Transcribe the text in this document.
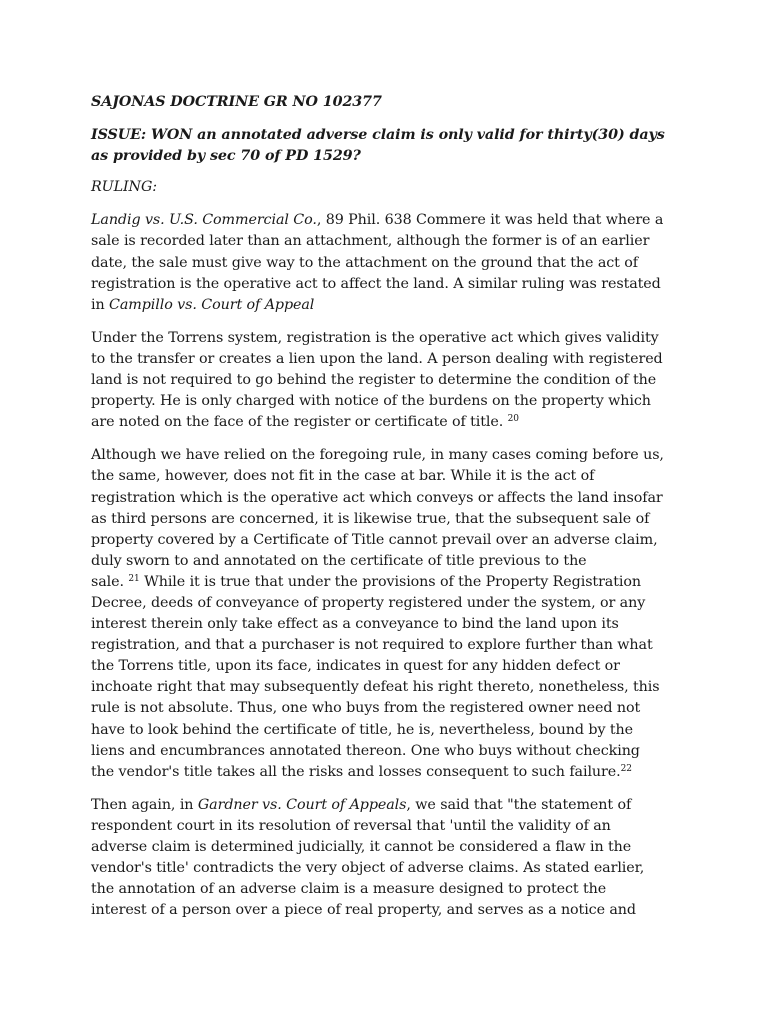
SAJONAS DOCTRINE GR NO 102377
ISSUE: WON an annotated adverse claim is only valid for thirty(30) days
as provided by sec 70 of PD 1529?
RULING:

Landig vs. U.S. Commercial Co., 89 Phil. 638 Commere it was held that where a
sale is recorded later than an attachment, although the former is of an earlier
date, the sale must give way to the attachment on the ground that the act of
registration is the operative act to affect the land. A similar ruling was restated
in Campillo vs. Court of Appeal

Under the Torrens system, registration is the operative act which gives validity
to the transfer or creates a lien upon the land. A person dealing with registered
land is not required to go behind the register to determine the condition of the
property. He is only charged with notice of the burdens on the property which
are noted on the face of the register or certificate of title. $^{20}$

Although we have relied on the foregoing rule, in many cases coming before us,
the same, however, does not fit in the case at bar. While it is the act of
registration which is the operative act which conveys or affects the land insofar
as third persons are concerned, it is likewise true, that the subsequent sale of
property covered by a Certificate of Title cannot prevail over an adverse claim,
duly sworn to and annotated on the certificate of title previous to the
sale. $^{21}$ While it is true that under the provisions of the Property Registration
Decree, deeds of conveyance of property registered under the system, or any
interest therein only take effect as a conveyance to bind the land upon its
registration, and that a purchaser is not required to explore further than what
the Torrens title, upon its face, indicates in quest for any hidden defect or
inchoate right that may subsequently defeat his right thereto, nonetheless, this
rule is not absolute. Thus, one who buys from the registered owner need not
have to look behind the certificate of title, he is, nevertheless, bound by the
liens and encumbrances annotated thereon. One who buys without checking
the vendor's title takes all the risks and losses consequent to such failure.$^{22}$

Then again, in Gardner vs. Court of Appeals, we said that "the statement of
respondent court in its resolution of reversal that 'until the validity of an
adverse claim is determined judicially, it cannot be considered a flaw in the
vendor's title' contradicts the very object of adverse claims. As stated earlier,
the annotation of an adverse claim is a measure designed to protect the
interest of a person over a piece of real property, and serves as a notice and
